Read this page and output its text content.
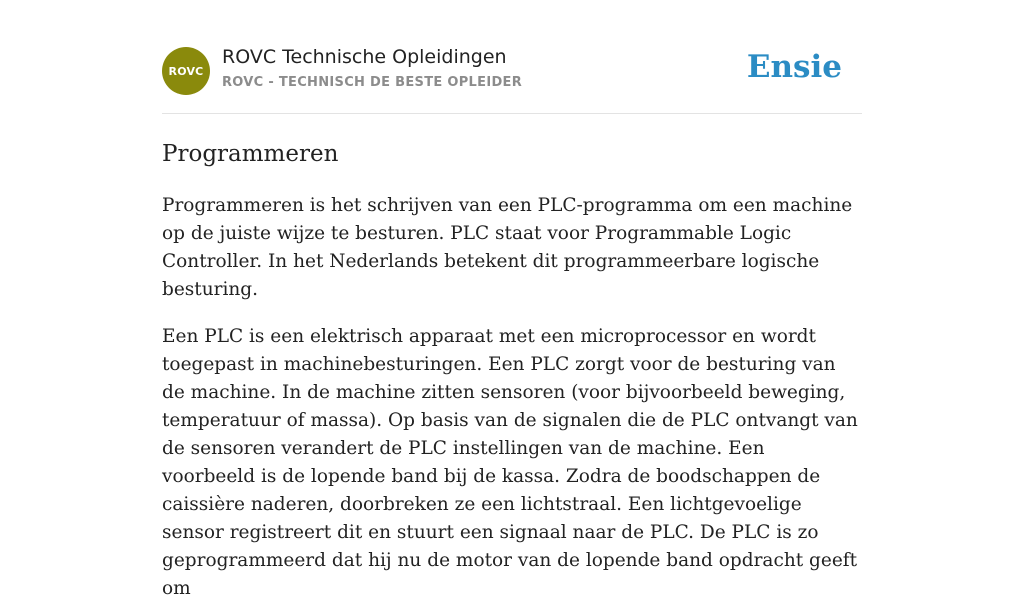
ROVC
ROVC Technische Opleidingen
ROVC - TECHNISCH DE BESTE OPLEIDER	Ensie
Programmeren

Programmeren is het schrijven van een PLC-programma om een machine op de juiste wijze te besturen. PLC staat voor Programmable Logic Controller. In het Nederlands betekent dit programmeerbare logische besturing.

Een PLC is een elektrisch apparaat met een microprocessor en wordt toegepast in machinebesturingen. Een PLC zorgt voor de besturing van de machine. In de machine zitten sensoren (voor bijvoorbeeld beweging, temperatuur of massa). Op basis van de signalen die de PLC ontvangt van de sensoren verandert de PLC instellingen van de machine. Een voorbeeld is de lopende band bij de kassa. Zodra de boodschappen de caissière naderen, doorbreken ze een lichtstraal. Een lichtgevoelige sensor registreert dit en stuurt een signaal naar de PLC. De PLC is zo geprogrammeerd dat hij nu de motor van de lopende band opdracht geeft om
